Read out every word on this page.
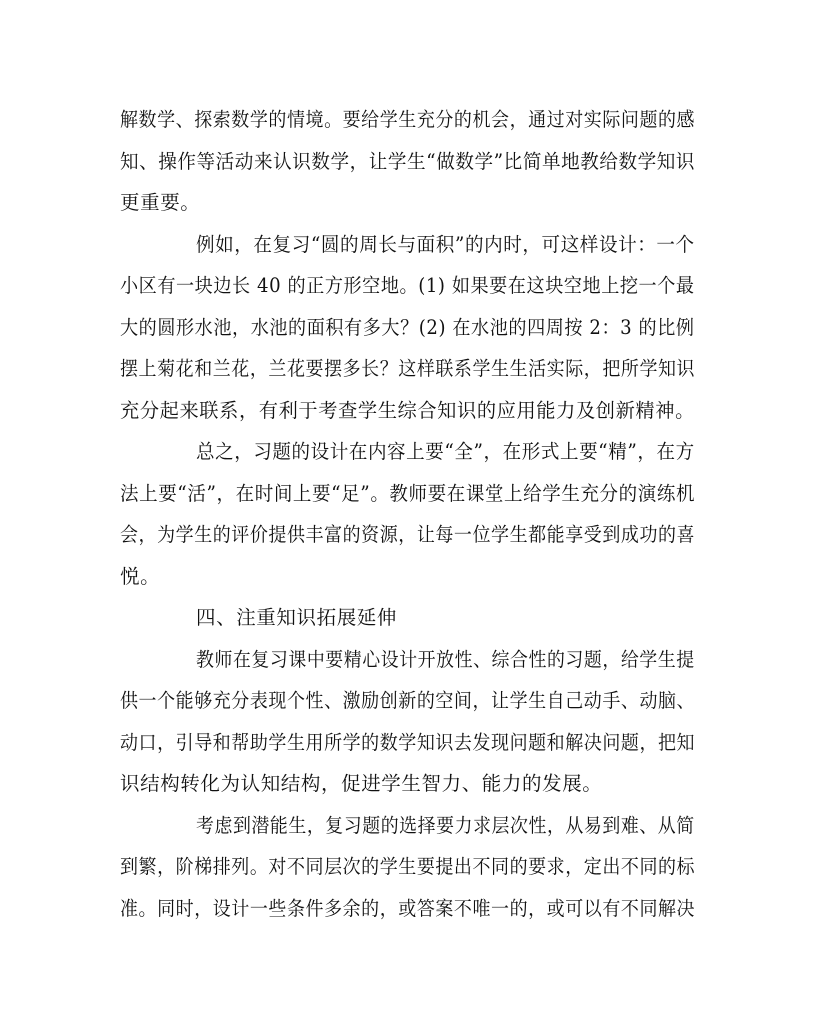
解数学、探索数学的情境。要给学生充分的机会，通过对实际问题的感
知、操作等活动来认识数学，让学生“做数学”比简单地教给数学知识
更重要。
例如，在复习“圆的周长与面积”的内时，可这样设计：一个
小区有一块边长 40 的正方形空地。(1) 如果要在这块空地上挖一个最
大的圆形水池，水池的面积有多大？(2) 在水池的四周按 2：3 的比例
摆上菊花和兰花，兰花要摆多长？这样联系学生生活实际，把所学知识
充分起来联系，有利于考查学生综合知识的应用能力及创新精神。
总之，习题的设计在内容上要“全”，在形式上要“精”，在方
法上要“活”，在时间上要“足”。教师要在课堂上给学生充分的演练机
会，为学生的评价提供丰富的资源，让每一位学生都能享受到成功的喜
悦。
四、注重知识拓展延伸
教师在复习课中要精心设计开放性、综合性的习题，给学生提
供一个能够充分表现个性、激励创新的空间，让学生自己动手、动脑、
动口，引导和帮助学生用所学的数学知识去发现问题和解决问题，把知
识结构转化为认知结构，促进学生智力、能力的发展。
考虑到潜能生，复习题的选择要力求层次性，从易到难、从简
到繁，阶梯排列。对不同层次的学生要提出不同的要求，定出不同的标
准。同时，设计一些条件多余的，或答案不唯一的，或可以有不同解决
